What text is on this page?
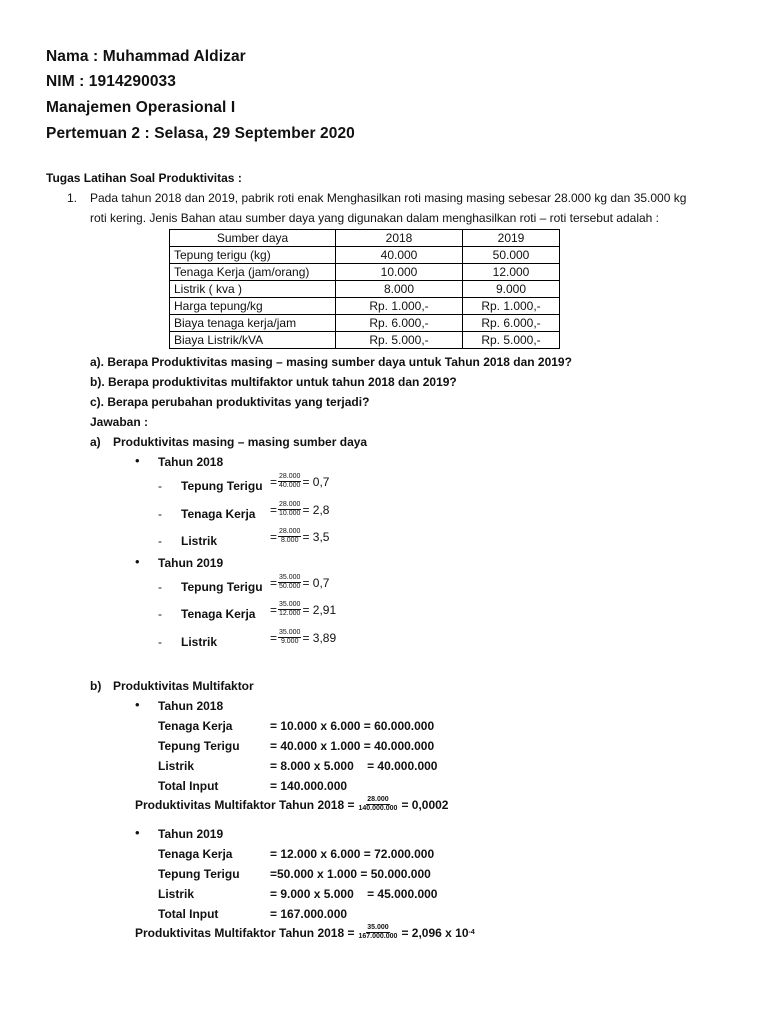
Nama : Muhammad Aldizar
NIM : 1914290033
Manajemen Operasional I
Pertemuan 2 : Selasa, 29 September 2020
Tugas Latihan Soal Produktivitas :
1. Pada tahun 2018 dan 2019, pabrik roti enak Menghasilkan roti masing masing sebesar 28.000 kg dan 35.000 kg
roti kering. Jenis Bahan atau sumber daya yang digunakan dalam menghasilkan roti – roti tersebut adalah :
Sumber daya	2018	2019
Tepung terigu (kg)	40.000	50.000
Tenaga Kerja (jam/orang)	10.000	12.000
Listrik ( kva )	8.000	9.000
Harga tepung/kg	Rp. 1.000,-	Rp. 1.000,-
Biaya tenaga kerja/jam	Rp. 6.000,-	Rp. 6.000,-
Biaya Listrik/kVA	Rp. 5.000,-	Rp. 5.000,-
a). Berapa Produktivitas masing – masing sumber daya untuk Tahun 2018 dan 2019?
b). Berapa produktivitas multifaktor untuk tahun 2018 dan 2019?
c). Berapa perubahan produktivitas yang terjadi?
Jawaban :
a) Produktivitas masing – masing sumber daya
• Tahun 2018
- Tepung Terigu = $\frac{28.000}{40.000} = 0,7$
- Tenaga Kerja = $\frac{28.000}{10.000} = 2,8$
- Listrik	= $\frac{28.000}{8.000} = 3,5$
• Tahun 2019
- Tepung Terigu = $\frac{35.000}{50.000} = 0,7$
- Tenaga Kerja = $\frac{35.000}{12.000} = 2,91$
- Listrik	= $\frac{35.000}{9.000} = 3,89$
b) Produktivitas Multifaktor
• Tahun 2018
Tenaga Kerja	= 10.000 x 6.000 = 60.000.000
Tepung Terigu	= 40.000 x 1.000 = 40.000.000
Listrik	= 8.000 x 5.000    = 40.000.000
Total Input	= 140.000.000
Produktivitas Multifaktor Tahun $2018 = \frac{28.000}{140.000.000} = 0,0002$
• Tahun 2019
Tenaga Kerja	= 12.000 x 6.000 = 72.000.000
Tepung Terigu	=50.000 x 1.000 = 50.000.000
Listrik	= 9.000 x 5.000    = 45.000.000
Total Input	= 167.000.000
Produktivitas Multifaktor Tahun $2018 = \frac{35.000}{167.000.000} = 2,096$ x 10 -4
